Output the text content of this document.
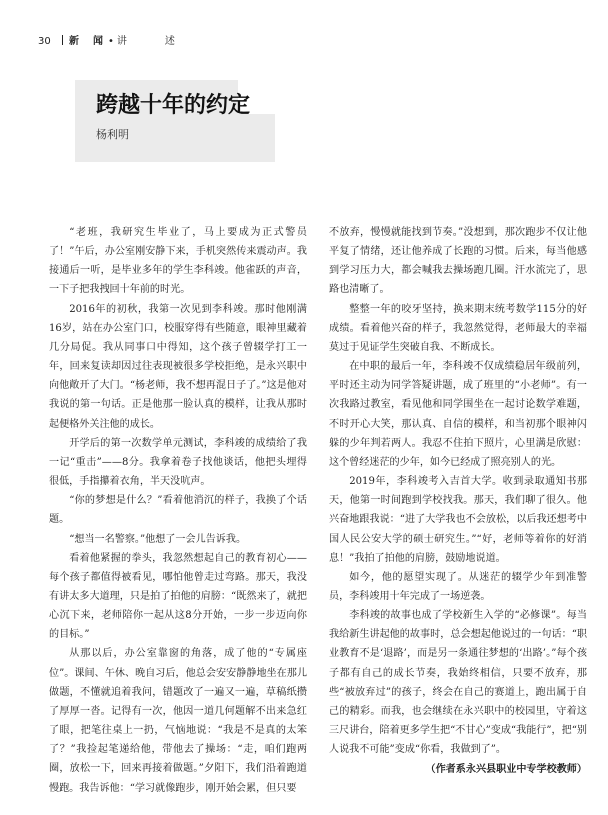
30 新　闻 • 讲　述
跨越十年的约定
杨利明

“老班，我研究生毕业了，马上要成为正式警员了！”午后，办公室刚安静下来，手机突然传来震动声。我接通后一听，是毕业多年的学生李科竣。他雀跃的声音，一下子把我拽回十年前的时光。

2016年的初秋，我第一次见到李科竣。那时他刚满16岁，站在办公室门口，校服穿得有些随意，眼神里藏着几分局促。我从同事口中得知，这个孩子曾辍学打工一年，回来复读却因过往表现被很多学校拒绝，是永兴职中向他敞开了大门。“杨老师，我不想再混日子了。”这是他对我说的第一句话。正是他那一脸认真的模样，让我从那时起便格外关注他的成长。

开学后的第一次数学单元测试，李科竣的成绩给了我一记“重击”——8分。我拿着卷子找他谈话，他把头埋得很低，手指攥着衣角，半天没吭声。

“你的梦想是什么？”看着他消沉的样子，我换了个话题。

“想当一名警察。”他想了一会儿告诉我。

看着他紧握的拳头，我忽然想起自己的教育初心——每个孩子都值得被看见，哪怕他曾走过弯路。那天，我没有讲太多大道理，只是拍了拍他的肩膀：“既然来了，就把心沉下来，老师陪你一起从这8分开始，一步一步迈向你的目标。”

从那以后，办公室靠窗的角落，成了他的“专属座位”。课间、午休、晚自习后，他总会安安静静地坐在那儿做题，不懂就追着我问，错题改了一遍又一遍，草稿纸攒了厚厚一沓。记得有一次，他因一道几何题解不出来急红了眼，把笔往桌上一扔，气恼地说：“我是不是真的太笨了？”我捡起笔递给他，带他去了操场：“走，咱们跑两圈，放松一下，回来再接着做题。”夕阳下，我们沿着跑道慢跑。我告诉他：“学习就像跑步，刚开始会累，但只要

不放弃，慢慢就能找到节奏。”没想到，那次跑步不仅让他平复了情绪，还让他养成了长跑的习惯。后来，每当他感到学习压力大，都会喊我去操场跑几圈。汗水流完了，思路也清晰了。

整整一年的咬牙坚持，换来期末统考数学115分的好成绩。看着他兴奋的样子，我忽然觉得，老师最大的幸福莫过于见证学生突破自我、不断成长。

在中职的最后一年，李科竣不仅成绩稳居年级前列，平时还主动为同学答疑讲题，成了班里的“小老师”。有一次我路过教室，看见他和同学围坐在一起讨论数学难题，不时开心大笑，那认真、自信的模样，和当初那个眼神闪躲的少年判若两人。我忍不住拍下照片，心里满是欣慰：这个曾经迷茫的少年，如今已经成了照亮别人的光。

2019年，李科竣考入吉首大学。收到录取通知书那天，他第一时间跑到学校找我。那天，我们聊了很久。他兴奋地跟我说：“进了大学我也不会放松，以后我还想考中国人民公安大学的硕士研究生。”“好，老师等着你的好消息！”我拍了拍他的肩膀，鼓励地说道。

如今，他的愿望实现了。从迷茫的辍学少年到准警员，李科竣用十年完成了一场逆袭。

李科竣的故事也成了学校新生入学的“必修课”。每当我给新生讲起他的故事时，总会想起他说过的一句话：“职业教育不是‘退路’，而是另一条通往梦想的‘出路’。”每个孩子都有自己的成长节奏，我始终相信，只要不放弃，那些“被放弃过”的孩子，终会在自己的赛道上，跑出属于自己的精彩。而我，也会继续在永兴职中的校园里，守着这三尺讲台，陪着更多学生把“不甘心”变成“我能行”，把“别人说我不可能”变成“你看，我做到了”。

（作者系永兴县职业中专学校教师）
